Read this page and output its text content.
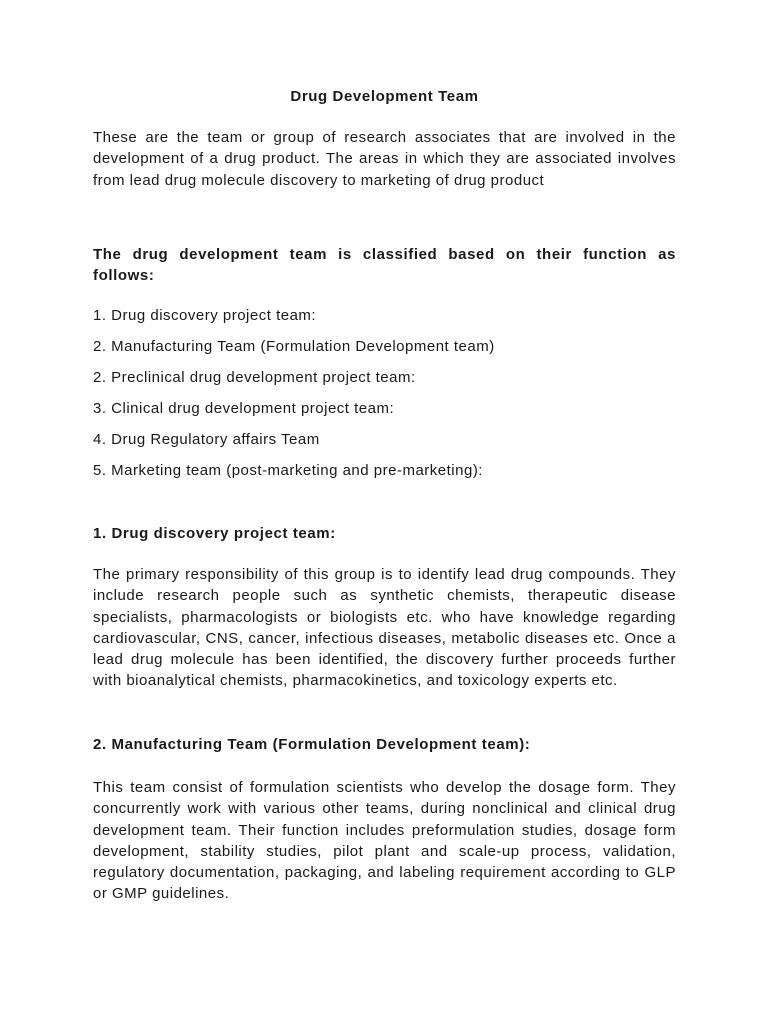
Drug Development Team

These are the team or group of research associates that are involved in the development of a drug product. The areas in which they are associated involves from lead drug molecule discovery to marketing of drug product

The drug development team is classified based on their function as follows:

1. Drug discovery project team:

2. Manufacturing Team (Formulation Development team)

2. Preclinical drug development project team:

3. Clinical drug development project team:

4. Drug Regulatory affairs Team

5. Marketing team (post-marketing and pre-marketing):

1. Drug discovery project team:

The primary responsibility of this group is to identify lead drug compounds. They include research people such as synthetic chemists, therapeutic disease specialists, pharmacologists or biologists etc. who have knowledge regarding cardiovascular, CNS, cancer, infectious diseases, metabolic diseases etc. Once a lead drug molecule has been identified, the discovery further proceeds further with bioanalytical chemists, pharmacokinetics, and toxicology experts etc.

2. Manufacturing Team (Formulation Development team):

This team consist of formulation scientists who develop the dosage form. They concurrently work with various other teams, during nonclinical and clinical drug development team. Their function includes preformulation studies, dosage form development, stability studies, pilot plant and scale-up process, validation, regulatory documentation, packaging, and labeling requirement according to GLP or GMP guidelines.
